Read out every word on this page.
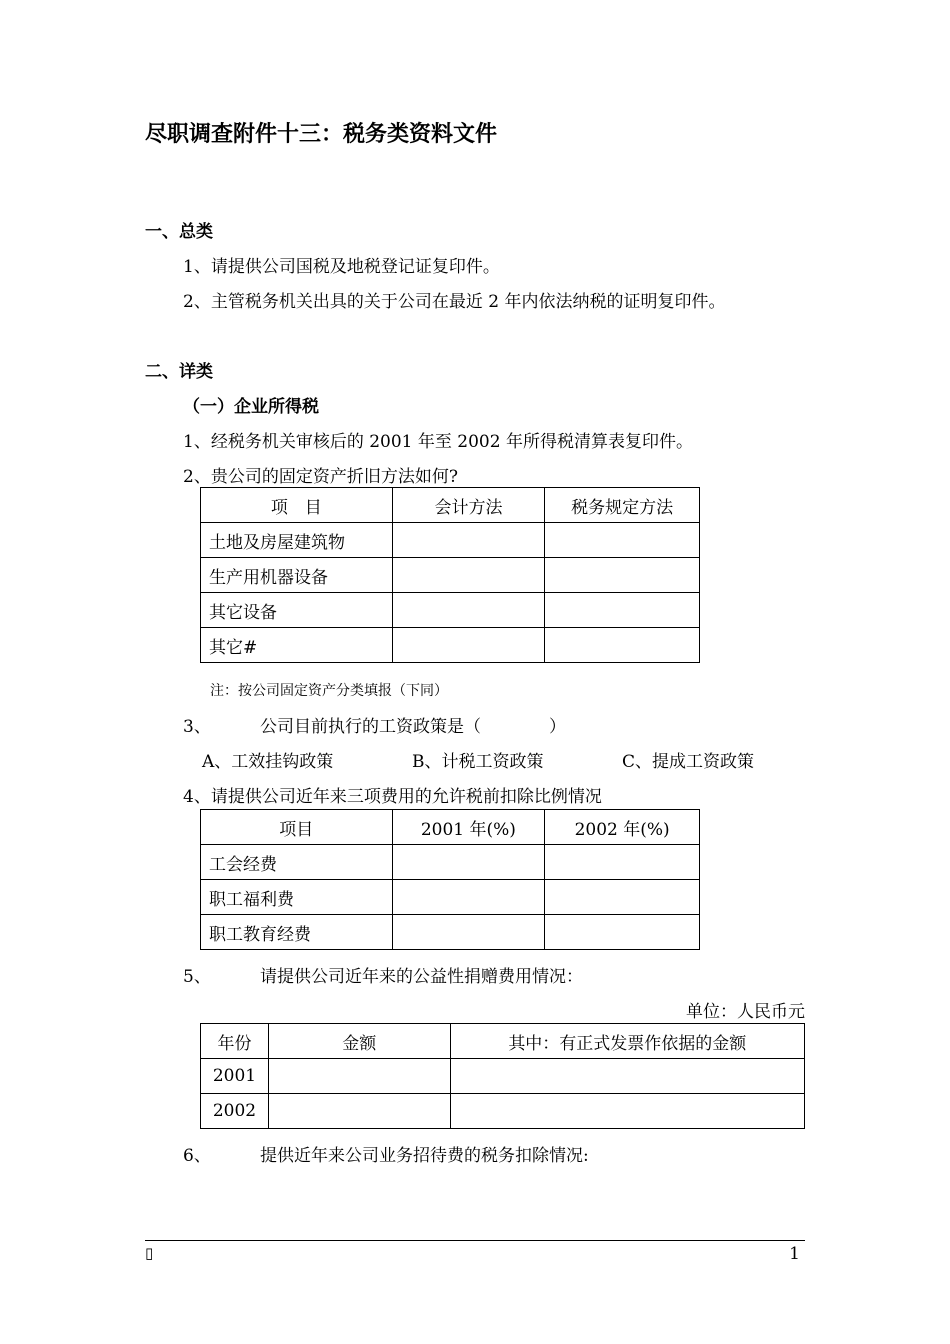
尽职调查附件十三：税务类资料文件
一、总类
1、请提供公司国税及地税登记证复印件。
2、主管税务机关出具的关于公司在最近 2 年内依法纳税的证明复印件。
二、详类
（一）企业所得税
1、经税务机关审核后的 2001 年至 2002 年所得税清算表复印件。
2、贵公司的固定资产折旧方法如何?
项　目	会计方法	税务规定方法
土地及房屋建筑物		
生产用机器设备		
其它设备		
其它#		
注：按公司固定资产分类填报（下同）
3、	公司目前执行的工资政策是（　　　　）
A、工效挂钩政策	B、计税工资政策	C、提成工资政策
4、请提供公司近年来三项费用的允许税前扣除比例情况
项目	2001 年(%)	2002 年(%)
工会经费		
职工福利费		
职工教育经费		
5、	请提供公司近年来的公益性捐赠费用情况：
单位：人民币元
年份	金额	其中：有正式发票作依据的金额
2001		
2002		
6、	提供近年来公司业务招待费的税务扣除情况:
▯	1
